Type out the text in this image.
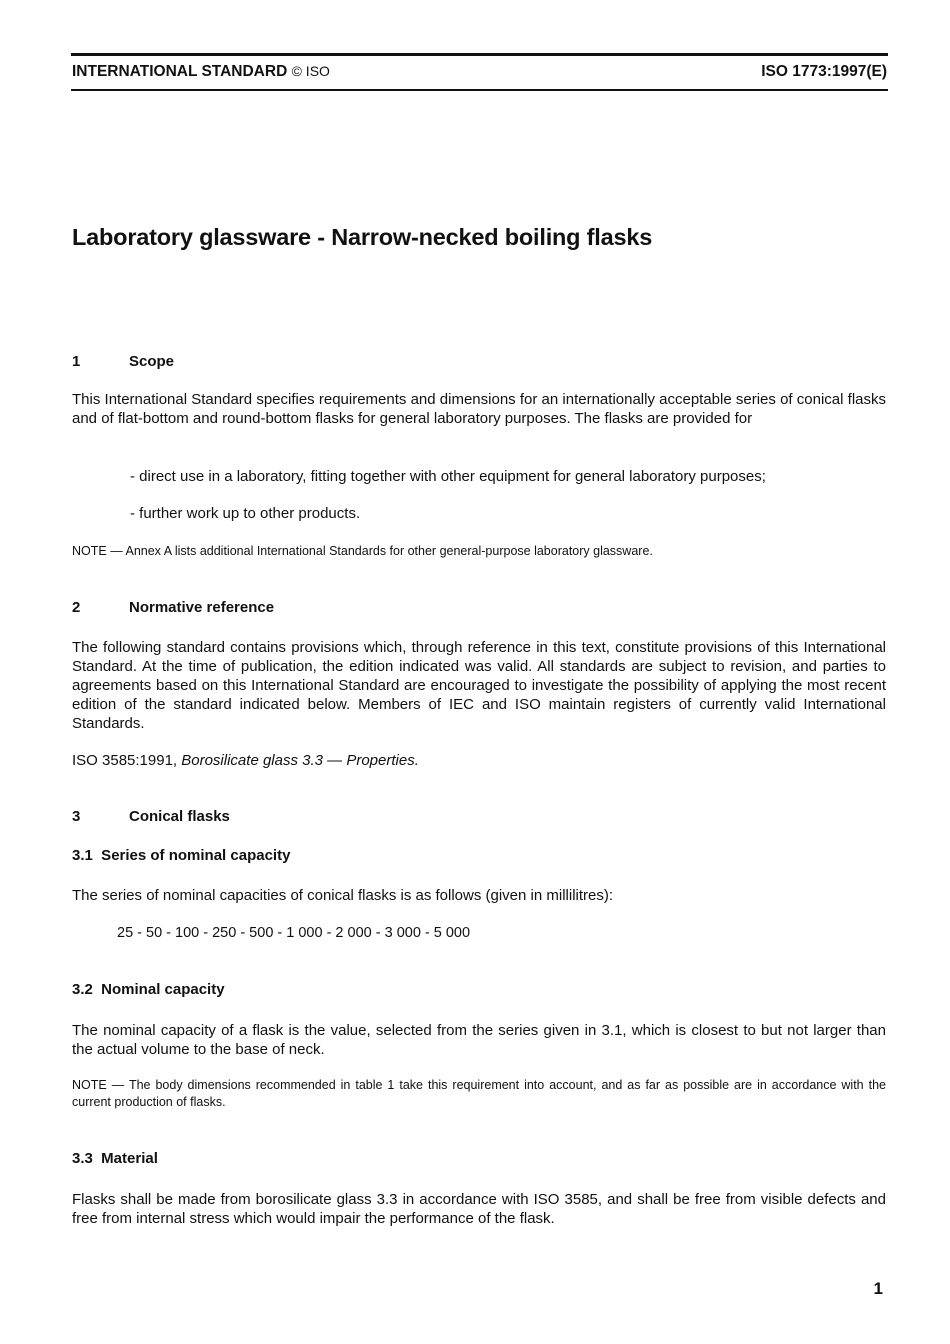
INTERNATIONAL STANDARD © ISO	ISO 1773:1997(E)
Laboratory glassware - Narrow-necked boiling flasks
1	Scope
This International Standard specifies requirements and dimensions for an internationally acceptable series of conical flasks and of flat-bottom and round-bottom flasks for general laboratory purposes. The flasks are provided for
- direct use in a laboratory, fitting together with other equipment for general laboratory purposes;
- further work up to other products.
NOTE — Annex A lists additional International Standards for other general-purpose laboratory glassware.
2	Normative reference
The following standard contains provisions which, through reference in this text, constitute provisions of this International Standard. At the time of publication, the edition indicated was valid. All standards are subject to revision, and parties to agreements based on this International Standard are encouraged to investigate the possibility of applying the most recent edition of the standard indicated below. Members of IEC and ISO maintain registers of currently valid International Standards.
ISO 3585:1991, Borosilicate glass 3.3 — Properties.
3	Conical flasks
3.1  Series of nominal capacity
The series of nominal capacities of conical flasks is as follows (given in millilitres):
25 - 50 - 100 - 250 - 500 - 1 000 - 2 000 - 3 000 - 5 000
3.2  Nominal capacity
The nominal capacity of a flask is the value, selected from the series given in 3.1, which is closest to but not larger than the actual volume to the base of neck.
NOTE — The body dimensions recommended in table 1 take this requirement into account, and as far as possible are in accordance with the current production of flasks.
3.3  Material
Flasks shall be made from borosilicate glass 3.3 in accordance with ISO 3585, and shall be free from visible defects and free from internal stress which would impair the performance of the flask.
1
